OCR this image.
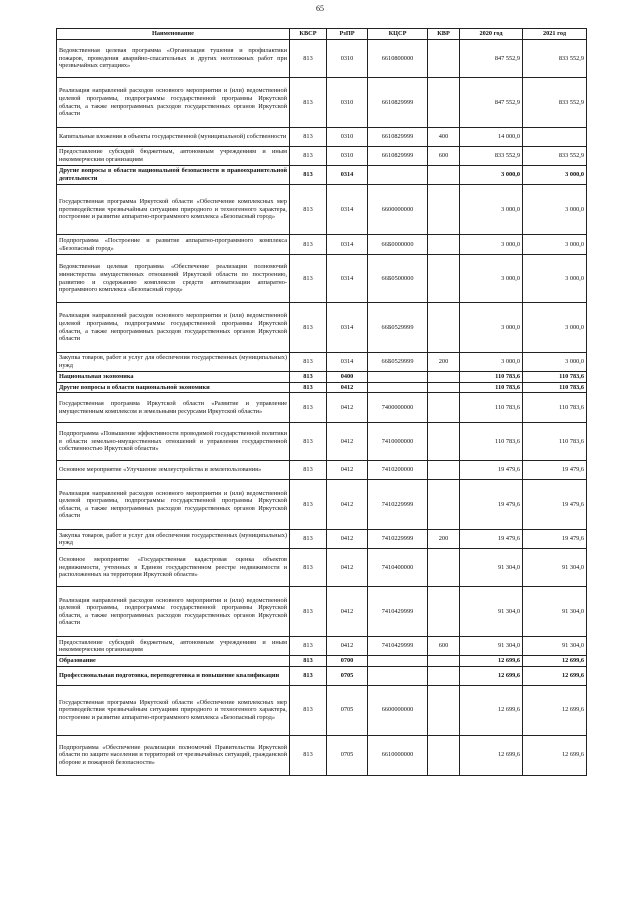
65
Наименование	КВСР	РзПР	КЦСР	КВР	2020 год	2021 год
Ведомственная целевая программа «Организация тушения и профилактики пожаров, проведения аварийно-спасательных и других неотложных работ при чрезвычайных ситуациях»	813	0310	6610800000		847 552,9	833 552,9
Реализация направлений расходов основного мероприятия и (или) ведомственной целевой программы, подпрограммы государственной программы Иркутской области, а также непрограммных расходов государственных органов Иркутской области	813	0310	6610829999		847 552,9	833 552,9
Капитальные вложения в объекты государственной (муниципальной) собственности	813	0310	6610829999	400	14 000,0	
Предоставление субсидий бюджетным, автономным учреждениям и иным некоммерческим организациям	813	0310	6610829999	600	833 552,9	833 552,9
Другие вопросы в области национальной безопасности и правоохранительной деятельности	813	0314			3 000,0	3 000,0
Государственная программа Иркутской области «Обеспечение комплексных мер противодействия чрезвычайным ситуациям природного и техногенного характера, построение и развитие аппаратно-программного комплекса «Безопасный город»	813	0314	6600000000		3 000,0	3 000,0
Подпрограмма «Построение и развитие аппаратно-программного комплекса «Безопасный город»	813	0314	66Б0000000		3 000,0	3 000,0
Ведомственная целевая программа «Обеспечение реализации полномочий министерства имущественных отношений Иркутской области по построению, развитию и содержанию комплексов средств автоматизации аппаратно-программного комплекса «Безопасный город»	813	0314	66Б0500000		3 000,0	3 000,0
Реализация направлений расходов основного мероприятия и (или) ведомственной целевой программы, подпрограммы государственной программы Иркутской области, а также непрограммных расходов государственных органов Иркутской области	813	0314	66Б0529999		3 000,0	3 000,0
Закупка товаров, работ и услуг для обеспечения государственных (муниципальных) нужд	813	0314	66Б0529999	200	3 000,0	3 000,0
Национальная экономика	813	0400			110 783,6	110 783,6
Другие вопросы в области национальной экономики	813	0412			110 783,6	110 783,6
Государственная программа Иркутской области «Развитие и управление имущественным комплексом и земельными ресурсами Иркутской области»	813	0412	7400000000		110 783,6	110 783,6
Подпрограмма «Повышение эффективности проводимой государственной политики в области земельно-имущественных отношений и управления государственной собственностью Иркутской области»	813	0412	7410000000		110 783,6	110 783,6
Основное мероприятие «Улучшение землеустройства и землепользования»	813	0412	7410200000		19 479,6	19 479,6
Реализация направлений расходов основного мероприятия и (или) ведомственной целевой программы, подпрограммы государственной программы Иркутской области, а также непрограммных расходов государственных органов Иркутской области	813	0412	7410229999		19 479,6	19 479,6
Закупка товаров, работ и услуг для обеспечения государственных (муниципальных) нужд	813	0412	7410229999	200	19 479,6	19 479,6
Основное мероприятие «Государственная кадастровая оценка объектов недвижимости, учтенных в Едином государственном реестре недвижимости и расположенных на территории Иркутской области»	813	0412	7410400000		91 304,0	91 304,0
Реализация направлений расходов основного мероприятия и (или) ведомственной целевой программы, подпрограммы государственной программы Иркутской области, а также непрограммных расходов государственных органов Иркутской области	813	0412	7410429999		91 304,0	91 304,0
Предоставление субсидий бюджетным, автономным учреждениям и иным некоммерческим организациям	813	0412	7410429999	600	91 304,0	91 304,0
Образование	813	0700			12 699,6	12 699,6
Профессиональная подготовка, переподготовка и повышение квалификации	813	0705			12 699,6	12 699,6
Государственная программа Иркутской области «Обеспечение комплексных мер противодействия чрезвычайным ситуациям природного и техногенного характера, построение и развитие аппаратно-программного комплекса «Безопасный город»	813	0705	6600000000		12 699,6	12 699,6
Подпрограмма «Обеспечение реализации полномочий Правительства Иркутской области по защите населения и территорий от чрезвычайных ситуаций, гражданской обороне и пожарной безопасности»	813	0705	6610000000		12 699,6	12 699,6
